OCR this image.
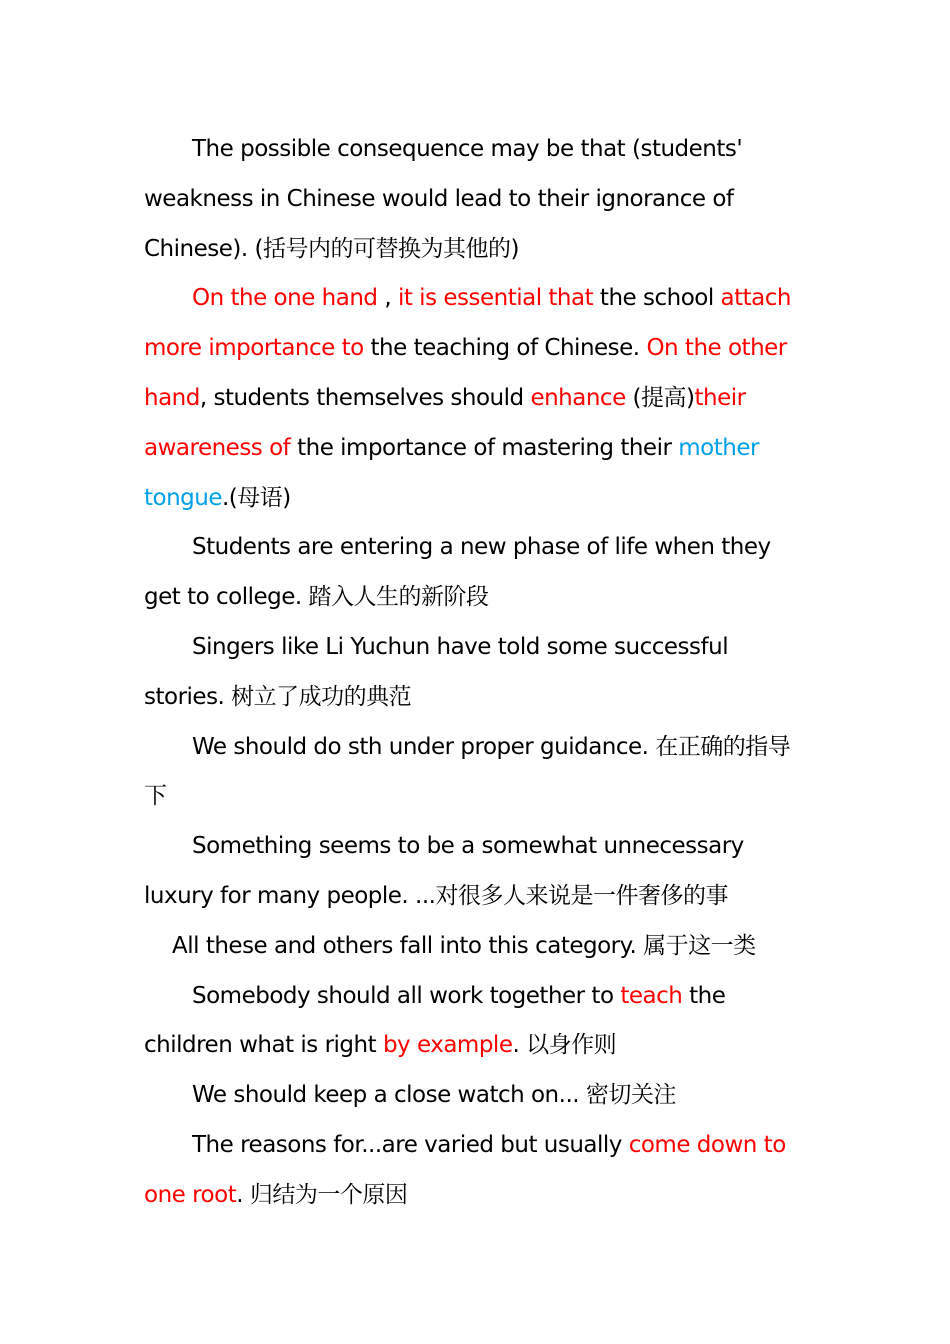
The possible consequence may be that (students' weakness in Chinese would lead to their ignorance of Chinese). (括号内的可替换为其他的)

On the one hand , it is essential that the school attach more importance to the teaching of Chinese. On the other hand, students themselves should enhance (提高)their awareness of the importance of mastering their mother tongue.(母语)

Students are entering a new phase of life when they get to college. 踏入人生的新阶段

Singers like Li Yuchun have told some successful stories. 树立了成功的典范

We should do sth under proper guidance. 在正确的指导下

Something seems to be a somewhat unnecessary luxury for many people. ...对很多人来说是一件奢侈的事

All these and others fall into this category. 属于这一类

Somebody should all work together to teach the children what is right by example. 以身作则

We should keep a close watch on... 密切关注

The reasons for...are varied but usually come down to one root. 归结为一个原因
